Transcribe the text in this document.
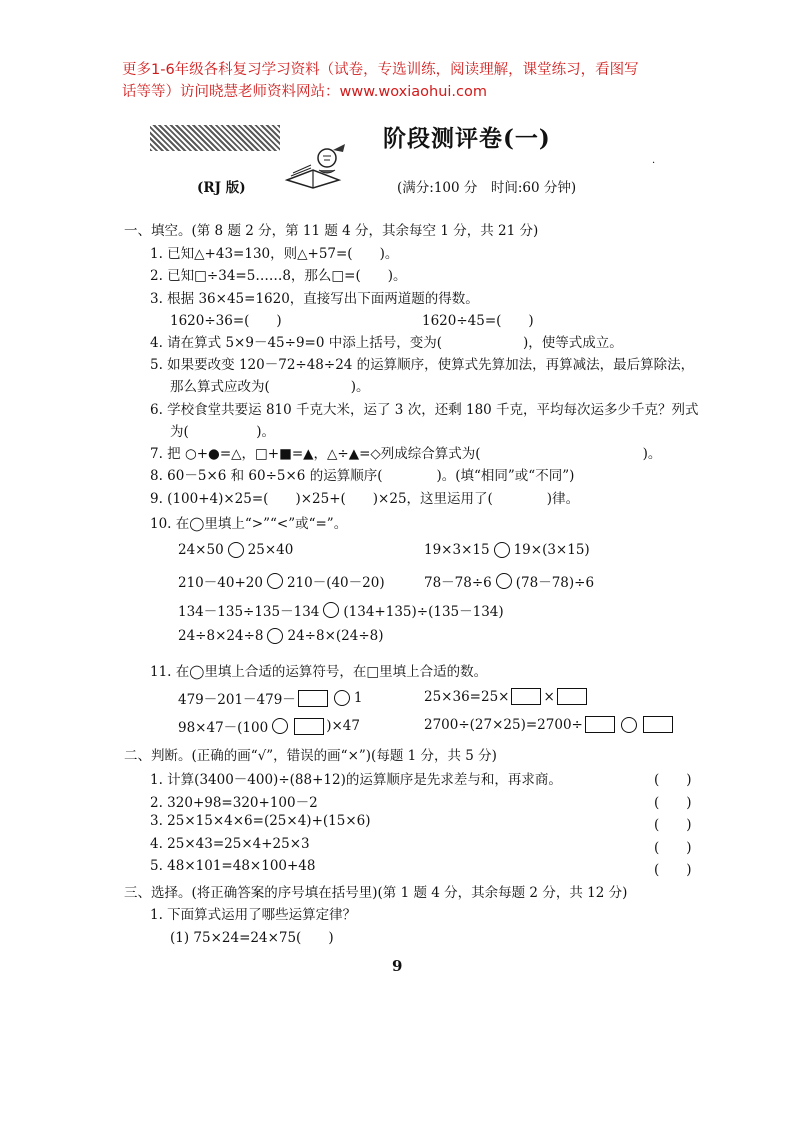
更多1-6年级各科复习学习资料（试卷，专选训练，阅读理解，课堂练习，看图写
话等等）访问晓慧老师资料网站：www.woxiaohui.com
阶段测评卷(一)
(RJ 版)	(满分:100 分　时间:60 分钟)
·
一、填空。(第 8 题 2 分，第 11 题 4 分，其余每空 1 分，共 21 分)
1. 已知△+43=130，则△+57=(　　)。
2. 已知□÷34=5……8，那么□=(　　)。
3. 根据 36×45=1620，直接写出下面两道题的得数。
1620÷36=(　　)	1620÷45=(　　)
4. 请在算式 5×9－45÷9=0 中添上括号，变为(　　　　　　)，使等式成立。
5. 如果要改变 120－72÷48÷24 的运算顺序，使算式先算加法，再算减法，最后算除法，
那么算式应改为(　　　　　　)。
6. 学校食堂共要运 810 千克大米，运了 3 次，还剩 180 千克，平均每次运多少千克？列式
为(　　　　　)。
7. 把 ○+●=△，□+■=▲，△÷▲=◇列成综合算式为(　　　　　　　　　　　　)。
8. 60－5×6 和 60÷5×6 的运算顺序(　　　　)。(填“相同”或“不同”)
9. (100+4)×25=(　　)×25+(　　)×25，这里运用了(　　　　)律。
10. 在◯里填上“>”“<”或“=”。
24×50 25×40	19×3×15 19×(3×15)
210－40+20 210－(40－20)	78－78÷6 (78－78)÷6
134－135÷135－134 (134+135)÷(135－134)
24÷8×24÷8 24÷8×(24÷8)
11. 在◯里填上合适的运算符号，在□里填上合适的数。
479－201－479－	1	25×36=25×	×
98×47－(100	)×47	2700÷(27×25)=2700÷
二、判断。(正确的画“√”，错误的画“×”)(每题 1 分，共 5 分)
1. 计算(3400－400)÷(88+12)的运算顺序是先求差与和，再求商。	(　　)
2. 320+98=320+100－2	(　　)
3. 25×15×4×6=(25×4)+(15×6)	(　　)
4. 25×43=25×4+25×3	(　　)
5. 48×101=48×100+48	(　　)
三、选择。(将正确答案的序号填在括号里)(第 1 题 4 分，其余每题 2 分，共 12 分)
1. 下面算式运用了哪些运算定律？
(1) 75×24=24×75(　　)
9
